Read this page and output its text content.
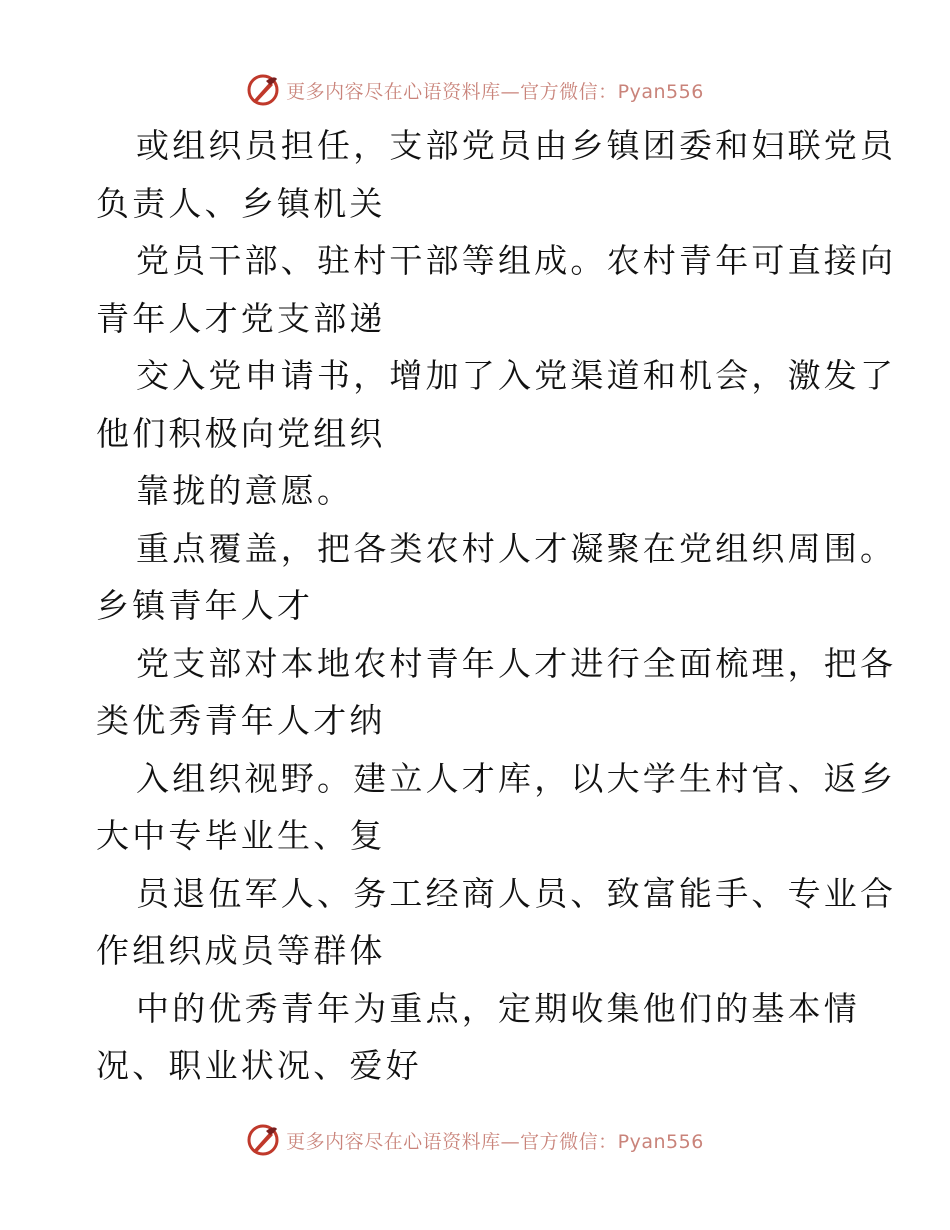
更多内容尽在心语资料库—官方微信：Pyan556

或组织员担任，支部党员由乡镇团委和妇联党员
负责人、乡镇机关

党员干部、驻村干部等组成。农村青年可直接向
青年人才党支部递

交入党申请书，增加了入党渠道和机会，激发了
他们积极向党组织

靠拢的意愿。

重点覆盖，把各类农村人才凝聚在党组织周围。
乡镇青年人才

党支部对本地农村青年人才进行全面梳理，把各
类优秀青年人才纳

入组织视野。建立人才库，以大学生村官、返乡
大中专毕业生、复

员退伍军人、务工经商人员、致富能手、专业合
作组织成员等群体

中的优秀青年为重点，定期收集他们的基本情
况、职业状况、爱好

更多内容尽在心语资料库—官方微信：Pyan556
